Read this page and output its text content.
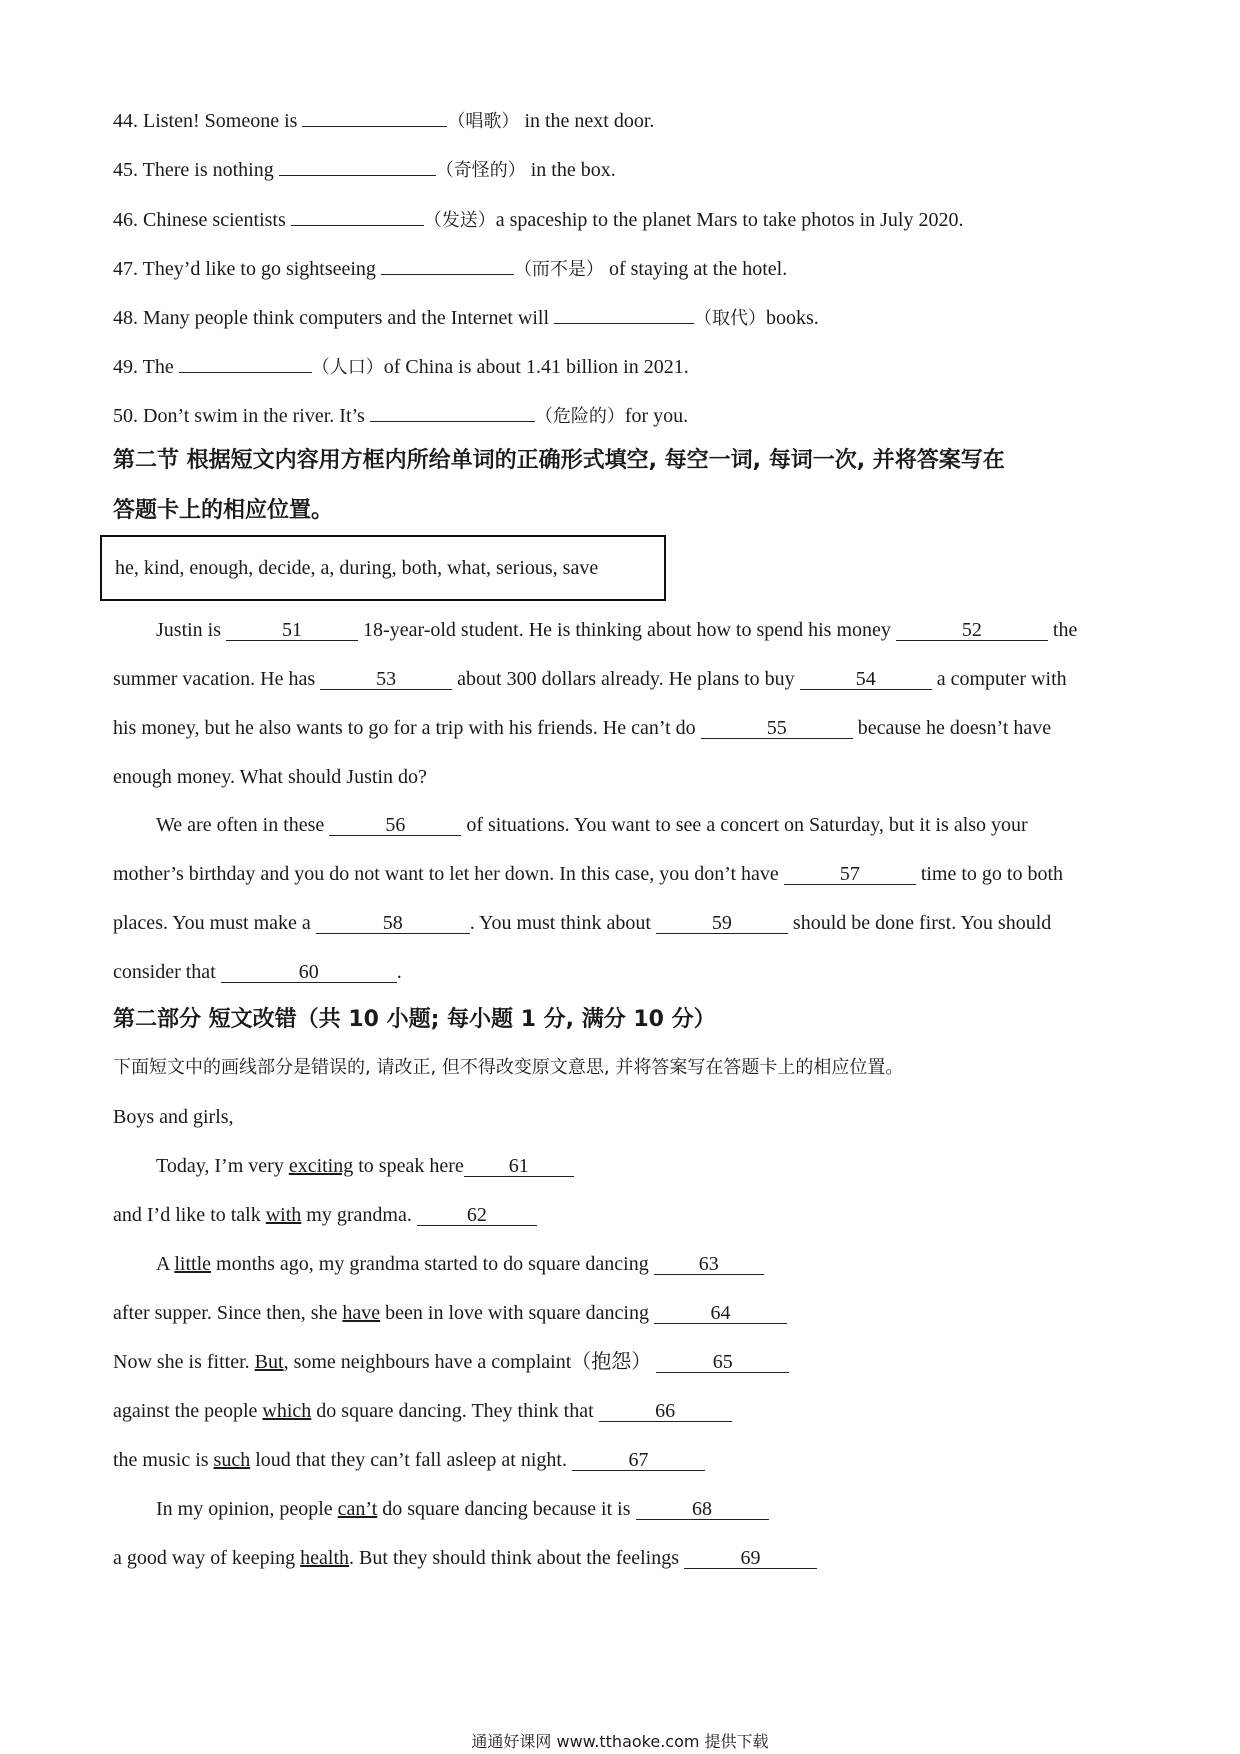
44. Listen! Someone is	（唱歌） in the next door.
45. There is nothing	（奇怪的） in the box.
46. Chinese scientists	（发送）a spaceship to the planet Mars to take photos in July 2020.
47. They’d like to go sightseeing	（而不是） of staying at the hotel.
48. Many people think computers and the Internet will	（取代）books.
49. The	（人口）of China is about 1.41 billion in 2021.
50. Don’t swim in the river. It’s	（危险的）for you.
第二节 根据短文内容用方框内所给单词的正确形式填空, 每空一词, 每词一次, 并将答案写在
答题卡上的相应位置。
he, kind, enough, decide, a, during, both, what, serious, save
Justin is	51	18-year-old student. He is thinking about how to spend his money	52	the
summer vacation. He has	53	about 300 dollars already. He plans to buy	54	a computer with
his money, but he also wants to go for a trip with his friends. He can’t do	55	because he doesn’t have
enough money. What should Justin do?
We are often in these	56	of situations. You want to see a concert on Saturday, but it is also your
mother’s birthday and you do not want to let her down. In this case, you don’t have	57	time to go to both
places. You must make a	58	. You must think about	59	should be done first. You should
consider that	60	.
第二部分 短文改错（共 10 小题; 每小题 1 分, 满分 10 分）
下面短文中的画线部分是错误的, 请改正, 但不得改变原文意思, 并将答案写在答题卡上的相应位置。
Boys and girls,
Today, I’m very exciting to speak here 61
and I’d like to talk with my grandma.	62
A little months ago, my grandma started to do square dancing 63
after supper. Since then, she have been in love with square dancing	64
Now she is fitter. But, some neighbours have a complaint（抱怨）	65
against the people which do square dancing. They think that	66
the music is such loud that they can’t fall asleep at night.	67
In my opinion, people can’t do square dancing because it is	68
a good way of keeping health. But they should think about the feelings	69
通通好课网 www.tthaoke.com 提供下载
